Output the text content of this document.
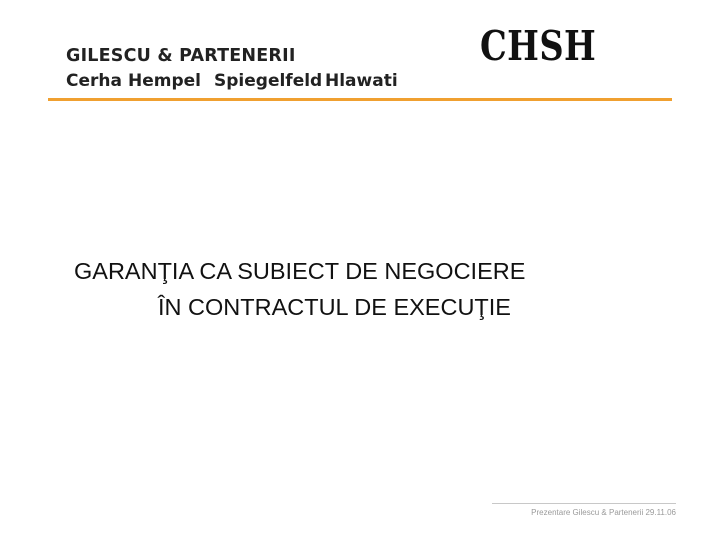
GILESCU & PARTENERII
Cerha Hempel Spiegelfeld Hlawati
CHSH
GARANŢIA CA SUBIECT DE NEGOCIERE
ÎN CONTRACTUL DE EXECUŢIE
Prezentare Gilescu & Partenerii 29.11.06
